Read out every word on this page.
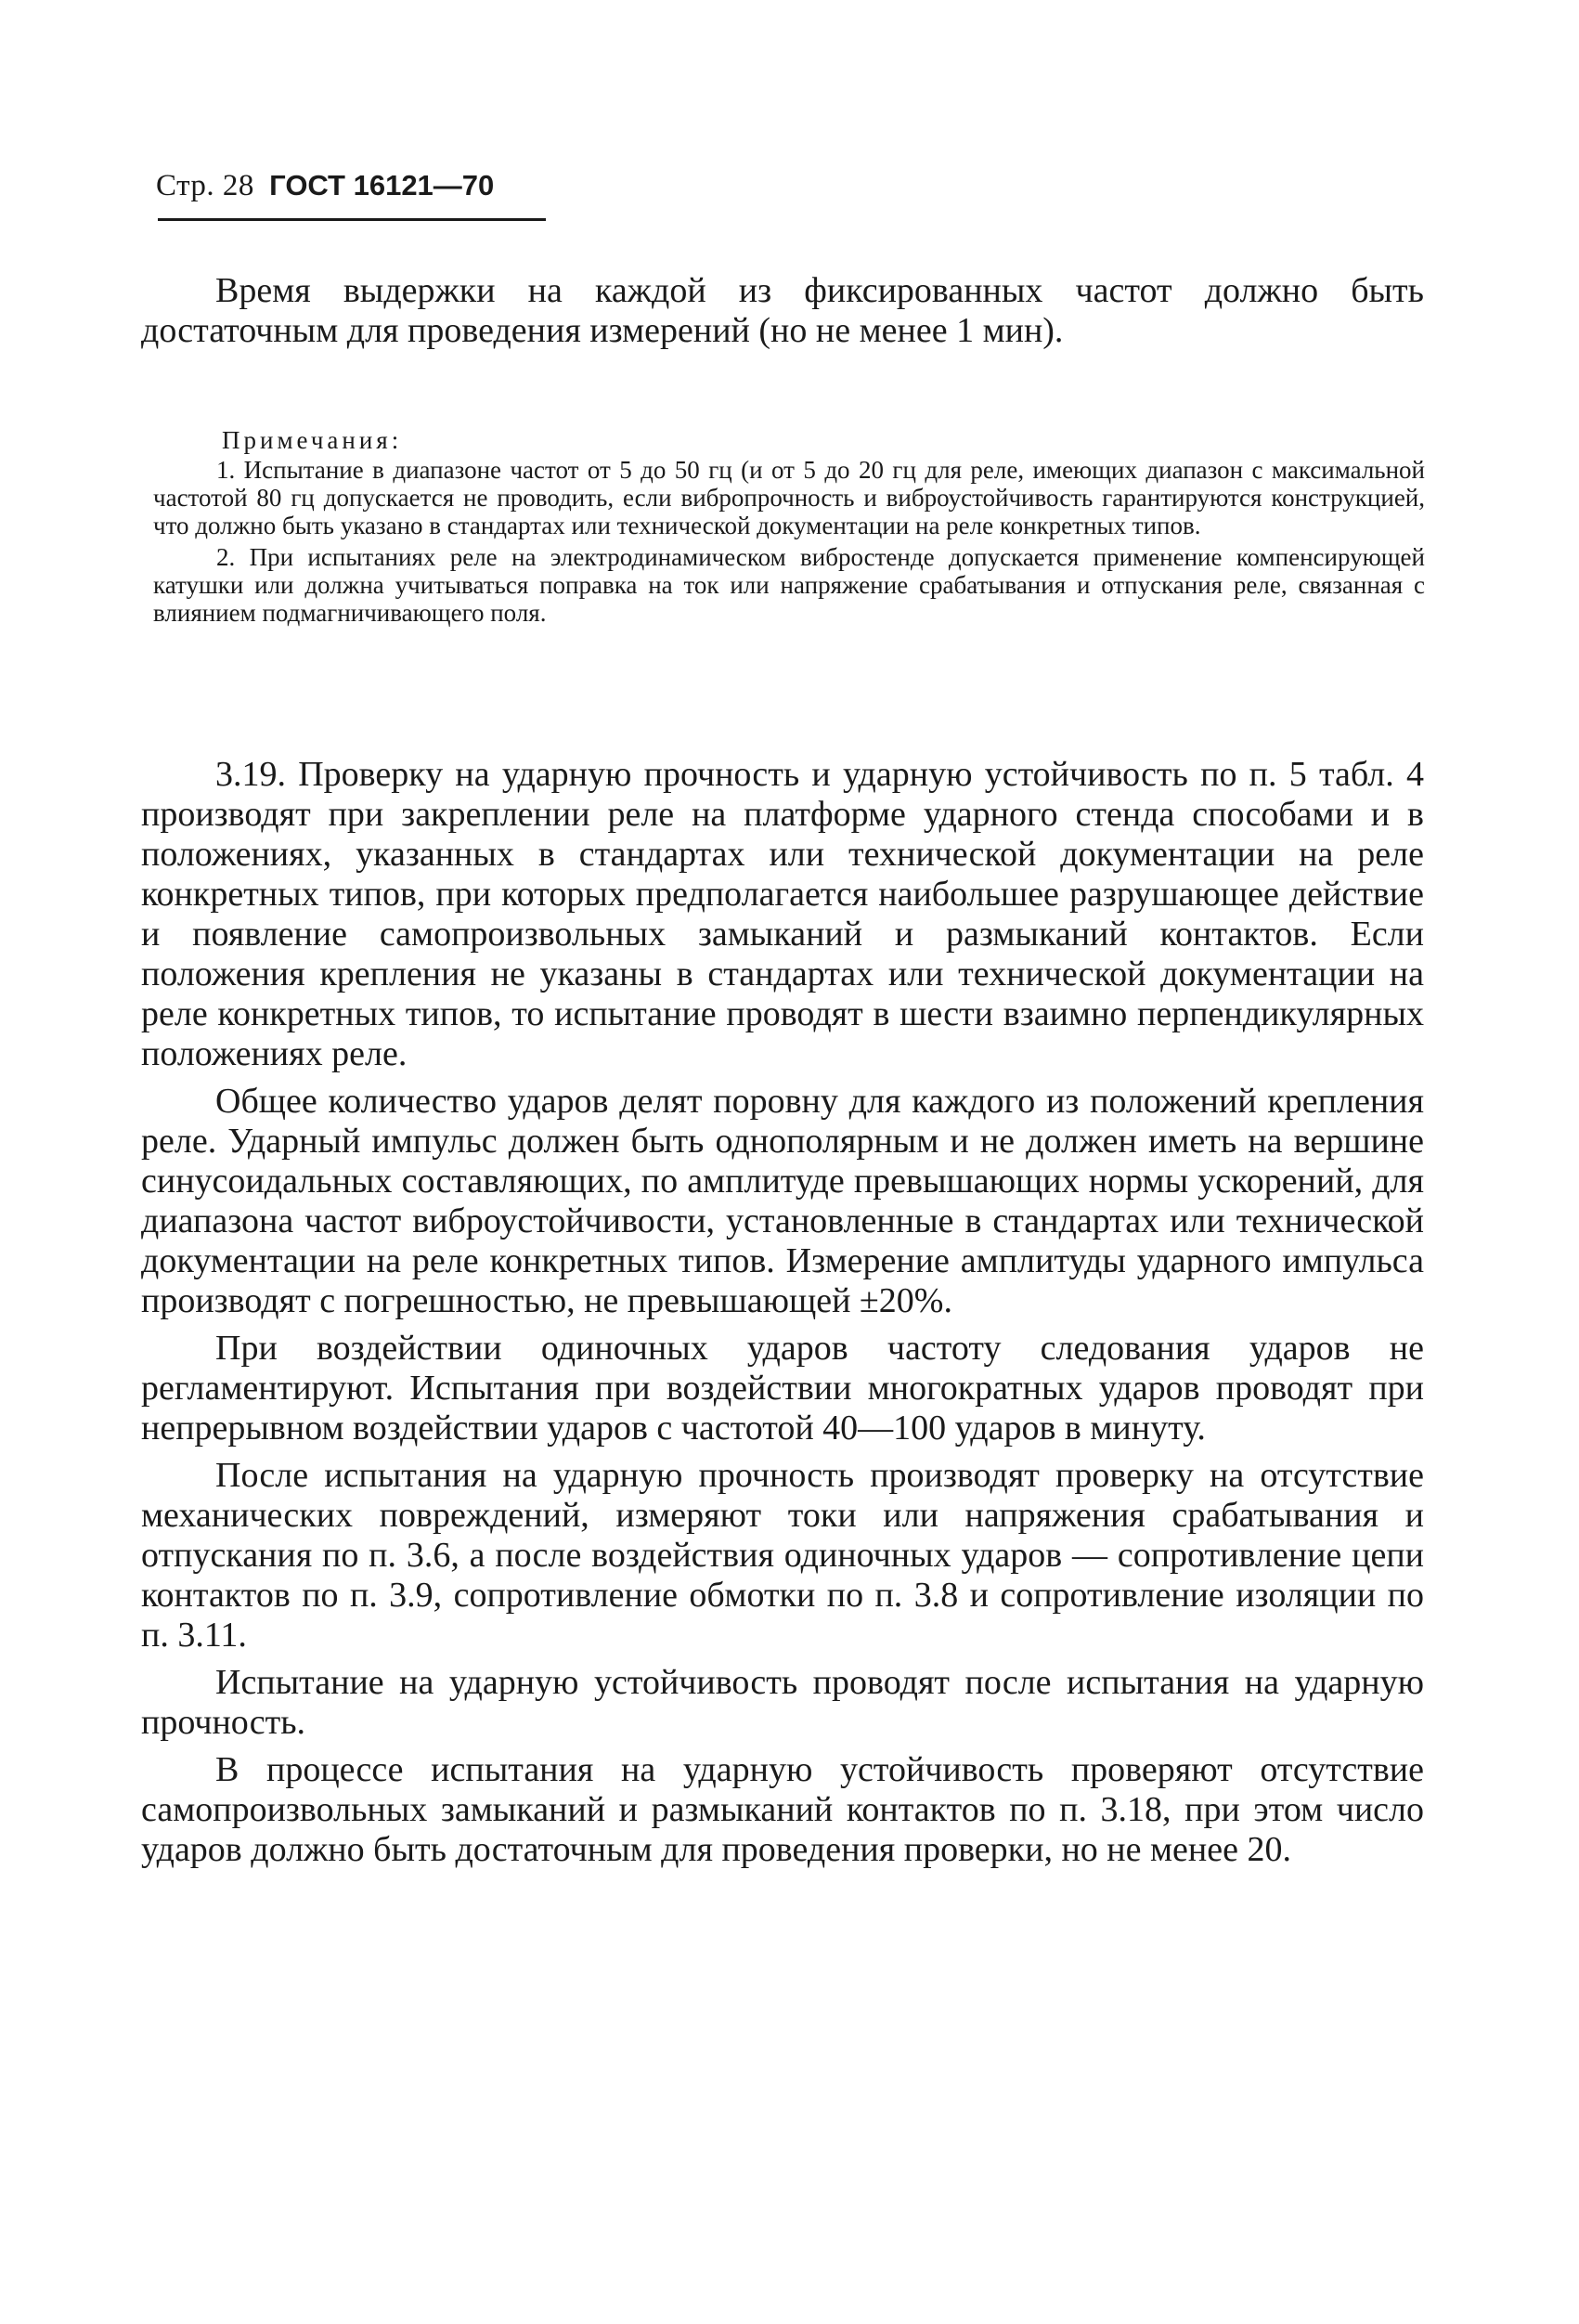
Стр. 28 ГОСТ 16121—70

Время выдержки на каждой из фиксированных частот должно быть достаточным для проведения измерений (но не менее 1 мин).

Примечания:

1. Испытание в диапазоне частот от 5 до 50 гц (и от 5 до 20 гц для реле, имеющих диапазон с максимальной частотой 80 гц допускается не проводить, если вибропрочность и виброустойчивость гарантируются конструкцией, что должно быть указано в стандартах или технической документации на реле конкретных типов.

2. При испытаниях реле на электродинамическом вибростенде допускается применение компенсирующей катушки или должна учитываться поправка на ток или напряжение срабатывания и отпускания реле, связанная с влиянием подмагничивающего поля.

3.19. Проверку на ударную прочность и ударную устойчивость по п. 5 табл. 4 производят при закреплении реле на платформе ударного стенда способами и в положениях, указанных в стандартах или технической документации на реле конкретных типов, при которых предполагается наибольшее разрушающее действие и появление самопроизвольных замыканий и размыканий контактов. Если положения крепления не указаны в стандартах или технической документации на реле конкретных типов, то испытание проводят в шести взаимно перпендикулярных положениях реле.

Общее количество ударов делят поровну для каждого из положений крепления реле. Ударный импульс должен быть однополярным и не должен иметь на вершине синусоидальных составляющих, по амплитуде превышающих нормы ускорений, для диапазона частот виброустойчивости, установленные в стандартах или технической документации на реле конкретных типов. Измерение амплитуды ударного импульса производят с погрешностью, не превышающей ±20%.

При воздействии одиночных ударов частоту следования ударов не регламентируют. Испытания при воздействии многократных ударов проводят при непрерывном воздействии ударов с частотой 40—100 ударов в минуту.

После испытания на ударную прочность производят проверку на отсутствие механических повреждений, измеряют токи или напряжения срабатывания и отпускания по п. 3.6, а после воздействия одиночных ударов — сопротивление цепи контактов по п. 3.9, сопротивление обмотки по п. 3.8 и сопротивление изоляции по п. 3.11.

Испытание на ударную устойчивость проводят после испытания на ударную прочность.

В процессе испытания на ударную устойчивость проверяют отсутствие самопроизвольных замыканий и размыканий контактов по п. 3.18, при этом число ударов должно быть достаточным для проведения проверки, но не менее 20.
